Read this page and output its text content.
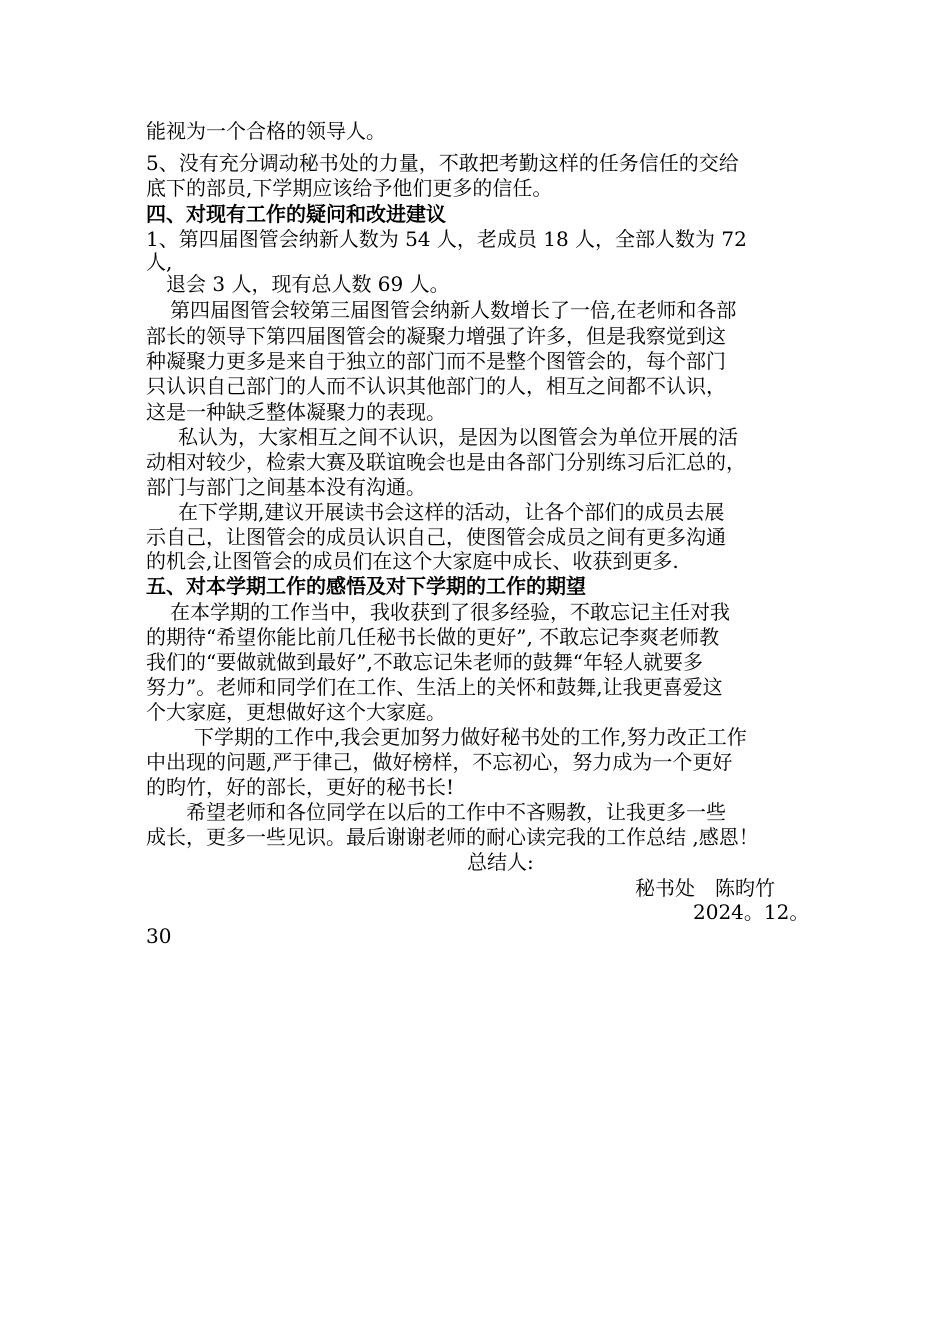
能视为一个合格的领导人。
5、没有充分调动秘书处的力量，不敢把考勤这样的任务信任的交给
底下的部员,下学期应该给予他们更多的信任。
四、对现有工作的疑问和改进建议
1、第四届图管会纳新人数为 54 人，老成员 18 人，全部人数为 72
人,
退会 3 人，现有总人数 69 人。
第四届图管会较第三届图管会纳新人数增长了一倍,在老师和各部
部长的领导下第四届图管会的凝聚力增强了许多，但是我察觉到这
种凝聚力更多是来自于独立的部门而不是整个图管会的，每个部门
只认识自己部门的人而不认识其他部门的人，相互之间都不认识，
这是一种缺乏整体凝聚力的表现。
私认为，大家相互之间不认识，是因为以图管会为单位开展的活
动相对较少，检索大赛及联谊晚会也是由各部门分别练习后汇总的，
部门与部门之间基本没有沟通。
在下学期,建议开展读书会这样的活动，让各个部们的成员去展
示自己，让图管会的成员认识自己，使图管会成员之间有更多沟通
的机会,让图管会的成员们在这个大家庭中成长、收获到更多.
五、对本学期工作的感悟及对下学期的工作的期望
在本学期的工作当中，我收获到了很多经验，不敢忘记主任对我
的期待“希望你能比前几任秘书长做的更好”, 不敢忘记李爽老师教
我们的“要做就做到最好”,不敢忘记朱老师的鼓舞“年轻人就要多
努力”。老师和同学们在工作、生活上的关怀和鼓舞,让我更喜爱这
个大家庭，更想做好这个大家庭。
下学期的工作中,我会更加努力做好秘书处的工作,努力改正工作
中出现的问题,严于律己，做好榜样，不忘初心，努力成为一个更好
的昀竹，好的部长，更好的秘书长!
希望老师和各位同学在以后的工作中不吝赐教，让我更多一些
成长，更多一些见识。最后谢谢老师的耐心读完我的工作总结 ,感恩！
总结人:
秘书处　陈昀竹
2024。12。
30
